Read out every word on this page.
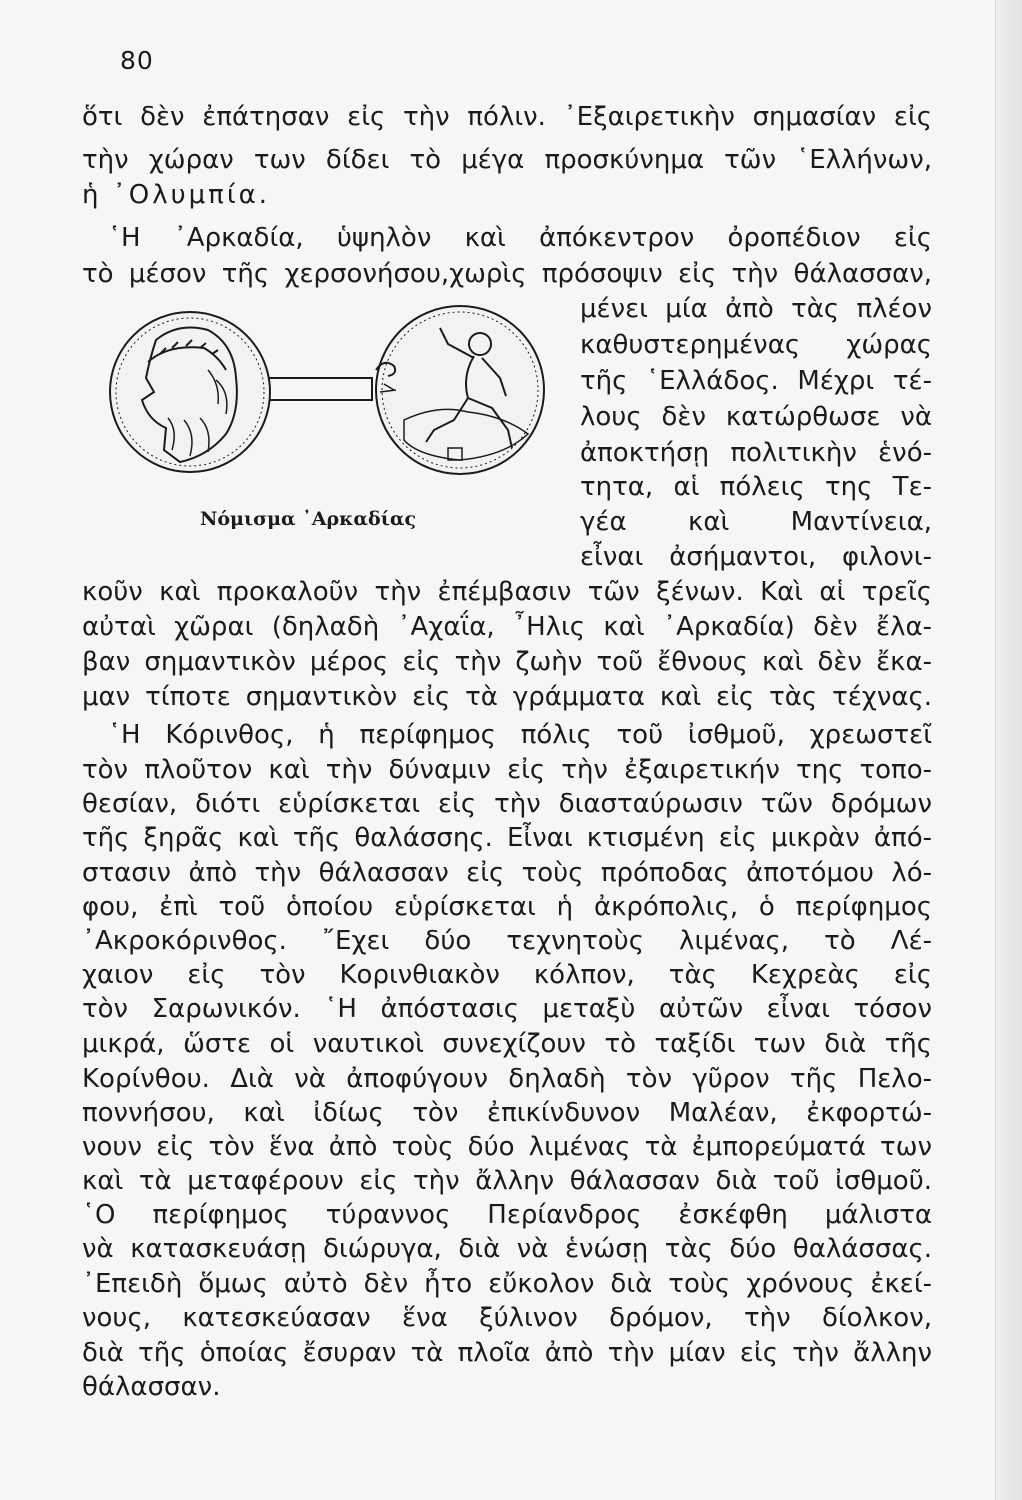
80
ὅτι δὲν ἐπάτησαν εἰς τὴν πόλιν. ᾿Εξαιρετικὴν σημασίαν εἰς
τὴν χώραν των δίδει τὸ μέγα προσκύνημα τῶν ῾Ελλήνων,
ἡ ᾿Ολυμπία.
῾Η ᾿Αρκαδία, ὑψηλὸν καὶ ἀπόκεντρον ὀροπέδιον εἰς
τὸ μέσον τῆς χερσονήσου,χωρὶς πρόσοψιν εἰς τὴν θάλασσαν,
μένει μία ἀπὸ τὰς πλέον
καθυστερημένας χώρας
τῆς ῾Ελλάδος. Μέχρι τέ-
λους δὲν κατώρθωσε νὰ
ἀποκτήσῃ πολιτικὴν ἑνό-
τητα, αἱ πόλεις της Τε-
γέα καὶ Μαντίνεια,
εἶναι ἀσήμαντοι, φιλονι-
κοῦν καὶ προκαλοῦν τὴν ἐπέμβασιν τῶν ξένων. Καὶ αἱ τρεῖς
αὐταὶ χῶραι (δηλαδὴ ᾿Αχαΐα, ῏Ηλις καὶ ᾿Αρκαδία) δὲν ἔλα-
βαν σημαντικὸν μέρος εἰς τὴν ζωὴν τοῦ ἔθνους καὶ δὲν ἔκα-
μαν τίποτε σημαντικὸν εἰς τὰ γράμματα καὶ εἰς τὰς τέχνας.
῾Η Κόρινθος, ἡ περίφημος πόλις τοῦ ἰσθμοῦ, χρεωστεῖ
τὸν πλοῦτον καὶ τὴν δύναμιν εἰς τὴν ἐξαιρετικήν της τοπο-
θεσίαν, διότι εὑρίσκεται εἰς τὴν διασταύρωσιν τῶν δρόμων
τῆς ξηρᾶς καὶ τῆς θαλάσσης. Εἶναι κτισμένη εἰς μικρὰν ἀπό-
στασιν ἀπὸ τὴν θάλασσαν εἰς τοὺς πρόποδας ἀποτόμου λό-
φου, ἐπὶ τοῦ ὁποίου εὑρίσκεται ἡ ἀκρόπολις, ὁ περίφημος
᾿Ακροκόρινθος. ῎Εχει δύο τεχνητοὺς λιμένας, τὸ Λέ-
χαιον εἰς τὸν Κορινθιακὸν κόλπον, τὰς Κεχρεὰς εἰς
τὸν Σαρωνικόν. ῾Η ἀπόστασις μεταξὺ αὐτῶν εἶναι τόσον
μικρά, ὥστε οἱ ναυτικοὶ συνεχίζουν τὸ ταξίδι των διὰ τῆς
Κορίνθου. Διὰ νὰ ἀποφύγουν δηλαδὴ τὸν γῦρον τῆς Πελο-
ποννήσου, καὶ ἰδίως τὸν ἐπικίνδυνον Μαλέαν, ἐκφορτώ-
νουν εἰς τὸν ἕνα ἀπὸ τοὺς δύο λιμένας τὰ ἐμπορεύματά των
καὶ τὰ μεταφέρουν εἰς τὴν ἄλλην θάλασσαν διὰ τοῦ ἰσθμοῦ.
῾Ο περίφημος τύραννος Περίανδρος ἐσκέφθη μάλιστα
νὰ κατασκευάσῃ διώρυγα, διὰ νὰ ἑνώσῃ τὰς δύο θαλάσσας.
᾿Επειδὴ ὅμως αὐτὸ δὲν ἦτο εὔκολον διὰ τοὺς χρόνους ἐκεί-
νους, κατεσκεύασαν ἕνα ξύλινον δρόμον, τὴν δίολκον,
διὰ τῆς ὁποίας ἔσυραν τὰ πλοῖα ἀπὸ τὴν μίαν εἰς τὴν ἄλλην
θάλασσαν.
Νόμισμα ᾿Αρκαδίας
